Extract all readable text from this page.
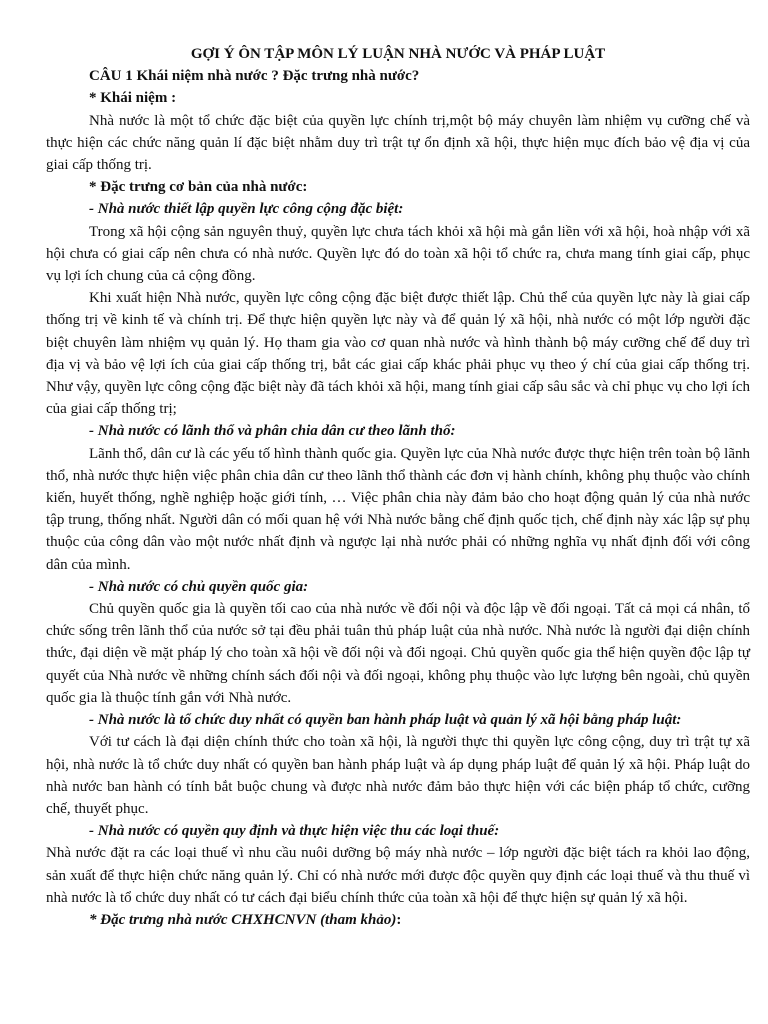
GỢI Ý ÔN TẬP MÔN LÝ LUẬN NHÀ NƯỚC VÀ PHÁP LUẬT

CÂU 1 Khái niệm nhà nước ? Đặc trưng nhà nước?

* Khái niệm :

Nhà nước là một tổ chức đặc biệt của quyền lực chính trị,một bộ máy chuyên làm nhiệm vụ cưỡng chế và thực hiện các chức năng quản lí đặc biệt nhằm duy trì trật tự ổn định xã hội, thực hiện mục đích bảo vệ địa vị của giai cấp thống trị.

* Đặc trưng cơ bản của nhà nước:

- Nhà nước thiết lập quyền lực công cộng đặc biệt:

Trong xã hội cộng sản nguyên thuỷ, quyền lực chưa tách khỏi xã hội mà gắn liền với xã hội, hoà nhập với xã hội chưa có giai cấp nên chưa có nhà nước. Quyền lực đó do toàn xã hội tổ chức ra, chưa mang tính giai cấp, phục vụ lợi ích chung của cả cộng đồng.

Khi xuất hiện Nhà nước, quyền lực công cộng đặc biệt được thiết lập. Chủ thể của quyền lực này là giai cấp thống trị về kinh tế và chính trị. Để thực hiện quyền lực này và để quản lý xã hội, nhà nước có một lớp người đặc biệt chuyên làm nhiệm vụ quản lý. Họ tham gia vào cơ quan nhà nước và hình thành bộ máy cưỡng chế để duy trì địa vị và bảo vệ lợi ích của giai cấp thống trị, bắt các giai cấp khác phải phục vụ theo ý chí của giai cấp thống trị. Như vậy, quyền lực công cộng đặc biệt này đã tách khỏi xã hội, mang tính giai cấp sâu sắc và chỉ phục vụ cho lợi ích của giai cấp thống trị;

- Nhà nước có lãnh thổ và phân chia dân cư theo lãnh thổ:

Lãnh thổ, dân cư là các yếu tố hình thành quốc gia. Quyền lực của Nhà nước được thực hiện trên toàn bộ lãnh thổ, nhà nước thực hiện việc phân chia dân cư theo lãnh thổ thành các đơn vị hành chính, không phụ thuộc vào chính kiến, huyết thống, nghề nghiệp hoặc giới tính, … Việc phân chia này đảm bảo cho hoạt động quản lý của nhà nước tập trung, thống nhất. Người dân có mối quan hệ với Nhà nước bằng chế định quốc tịch, chế định này xác lập sự phụ thuộc của công dân vào một nước nhất định và ngược lại nhà nước phải có những nghĩa vụ nhất định đối với công dân của mình.

- Nhà nước có chủ quyền quốc gia:

Chủ quyền quốc gia là quyền tối cao của nhà nước về đối nội và độc lập về đối ngoại. Tất cả mọi cá nhân, tổ chức sống trên lãnh thổ của nước sở tại đều phải tuân thủ pháp luật của nhà nước. Nhà nước là người đại diện chính thức, đại diện về mặt pháp lý cho toàn xã hội về đối nội và đối ngoại. Chủ quyền quốc gia thể hiện quyền độc lập tự quyết của Nhà nước về những chính sách đối nội và đối ngoại, không phụ thuộc vào lực lượng bên ngoài, chủ quyền quốc gia là thuộc tính gắn với Nhà nước.

- Nhà nước là tổ chức duy nhất có quyền ban hành pháp luật và quản lý xã hội bằng pháp luật:

Với tư cách là đại diện chính thức cho toàn xã hội, là người thực thi quyền lực công cộng, duy trì trật tự xã hội, nhà nước là tổ chức duy nhất có quyền ban hành pháp luật và áp dụng pháp luật để quản lý xã hội. Pháp luật do nhà nước ban hành có tính bắt buộc chung và được nhà nước đảm bảo thực hiện với các biện pháp tổ chức, cưỡng chế, thuyết phục.

- Nhà nước có quyền quy định và thực hiện việc thu các loại thuế:

Nhà nước đặt ra các loại thuế vì nhu cầu nuôi dưỡng bộ máy nhà nước – lớp người đặc biệt tách ra khỏi lao động, sản xuất để thực hiện chức năng quản lý. Chỉ có nhà nước mới được độc quyền quy định các loại thuế và thu thuế vì nhà nước là tổ chức duy nhất có tư cách đại biểu chính thức của toàn xã hội để thực hiện sự quản lý xã hội.

* Đặc trưng nhà nước CHXHCNVN (tham khảo):
